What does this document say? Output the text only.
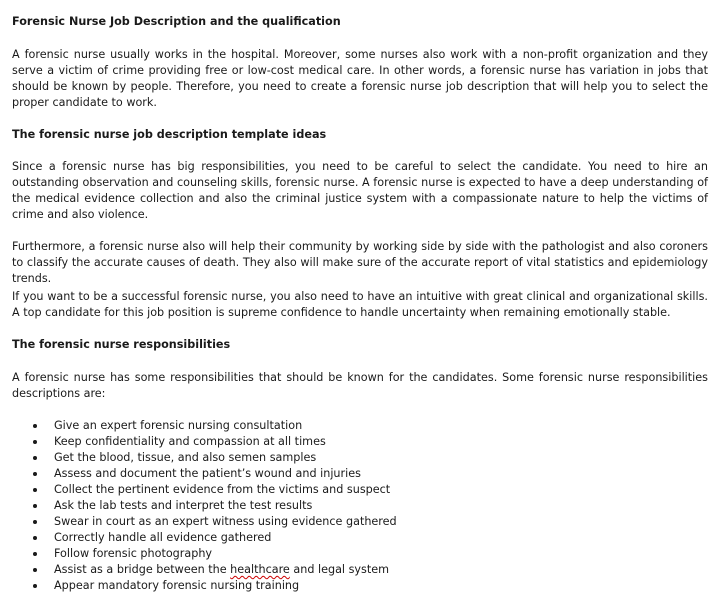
Forensic Nurse Job Description and the qualification

A forensic nurse usually works in the hospital. Moreover, some nurses also work with a non-profit organization and they serve a victim of crime providing free or low-cost medical care. In other words, a forensic nurse has variation in jobs that should be known by people. Therefore, you need to create a forensic nurse job description that will help you to select the proper candidate to work.

The forensic nurse job description template ideas

Since a forensic nurse has big responsibilities, you need to be careful to select the candidate. You need to hire an outstanding observation and counseling skills, forensic nurse. A forensic nurse is expected to have a deep understanding of the medical evidence collection and also the criminal justice system with a compassionate nature to help the victims of crime and also violence.

Furthermore, a forensic nurse also will help their community by working side by side with the pathologist and also coroners to classify the accurate causes of death. They also will make sure of the accurate report of vital statistics and epidemiology trends.

If you want to be a successful forensic nurse, you also need to have an intuitive with great clinical and organizational skills. A top candidate for this job position is supreme confidence to handle uncertainty when remaining emotionally stable.

The forensic nurse responsibilities

A forensic nurse has some responsibilities that should be known for the candidates. Some forensic nurse responsibilities descriptions are:

Give an expert forensic nursing consultation
Keep confidentiality and compassion at all times
Get the blood, tissue, and also semen samples
Assess and document the patient’s wound and injuries
Collect the pertinent evidence from the victims and suspect
Ask the lab tests and interpret the test results
Swear in court as an expert witness using evidence gathered
Correctly handle all evidence gathered
Follow forensic photography
Assist as a bridge between the healthcare and legal system
Appear mandatory forensic nursing training
